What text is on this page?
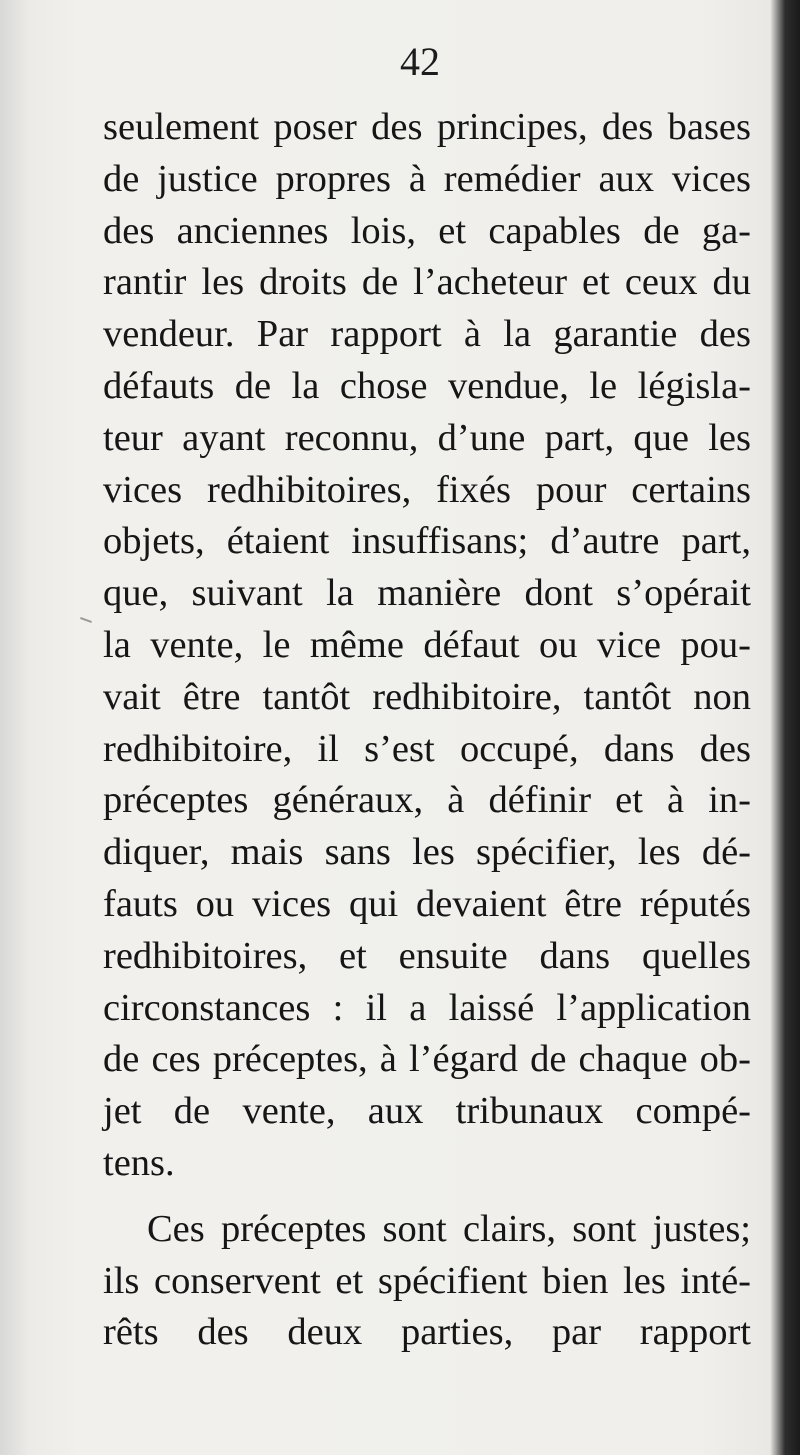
42
seulement poser des principes, des bases
de justice propres à remédier aux vices
des anciennes lois, et capables de ga-
rantir les droits de l’acheteur et ceux du
vendeur. Par rapport à la garantie des
défauts de la chose vendue, le législa-
teur ayant reconnu, d’une part, que les
vices redhibitoires, fixés pour certains
objets, étaient insuffisans; d’autre part,
que, suivant la manière dont s’opérait
la vente, le même défaut ou vice pou-
vait être tantôt redhibitoire, tantôt non
redhibitoire, il s’est occupé, dans des
préceptes généraux, à définir et à in-
diquer, mais sans les spécifier, les dé-
fauts ou vices qui devaient être réputés
redhibitoires, et ensuite dans quelles
circonstances : il a laissé l’application
de ces préceptes, à l’égard de chaque ob-
jet de vente, aux tribunaux compé-
tens.
Ces préceptes sont clairs, sont justes;
ils conservent et spécifient bien les inté-
rêts des deux parties, par rapport
